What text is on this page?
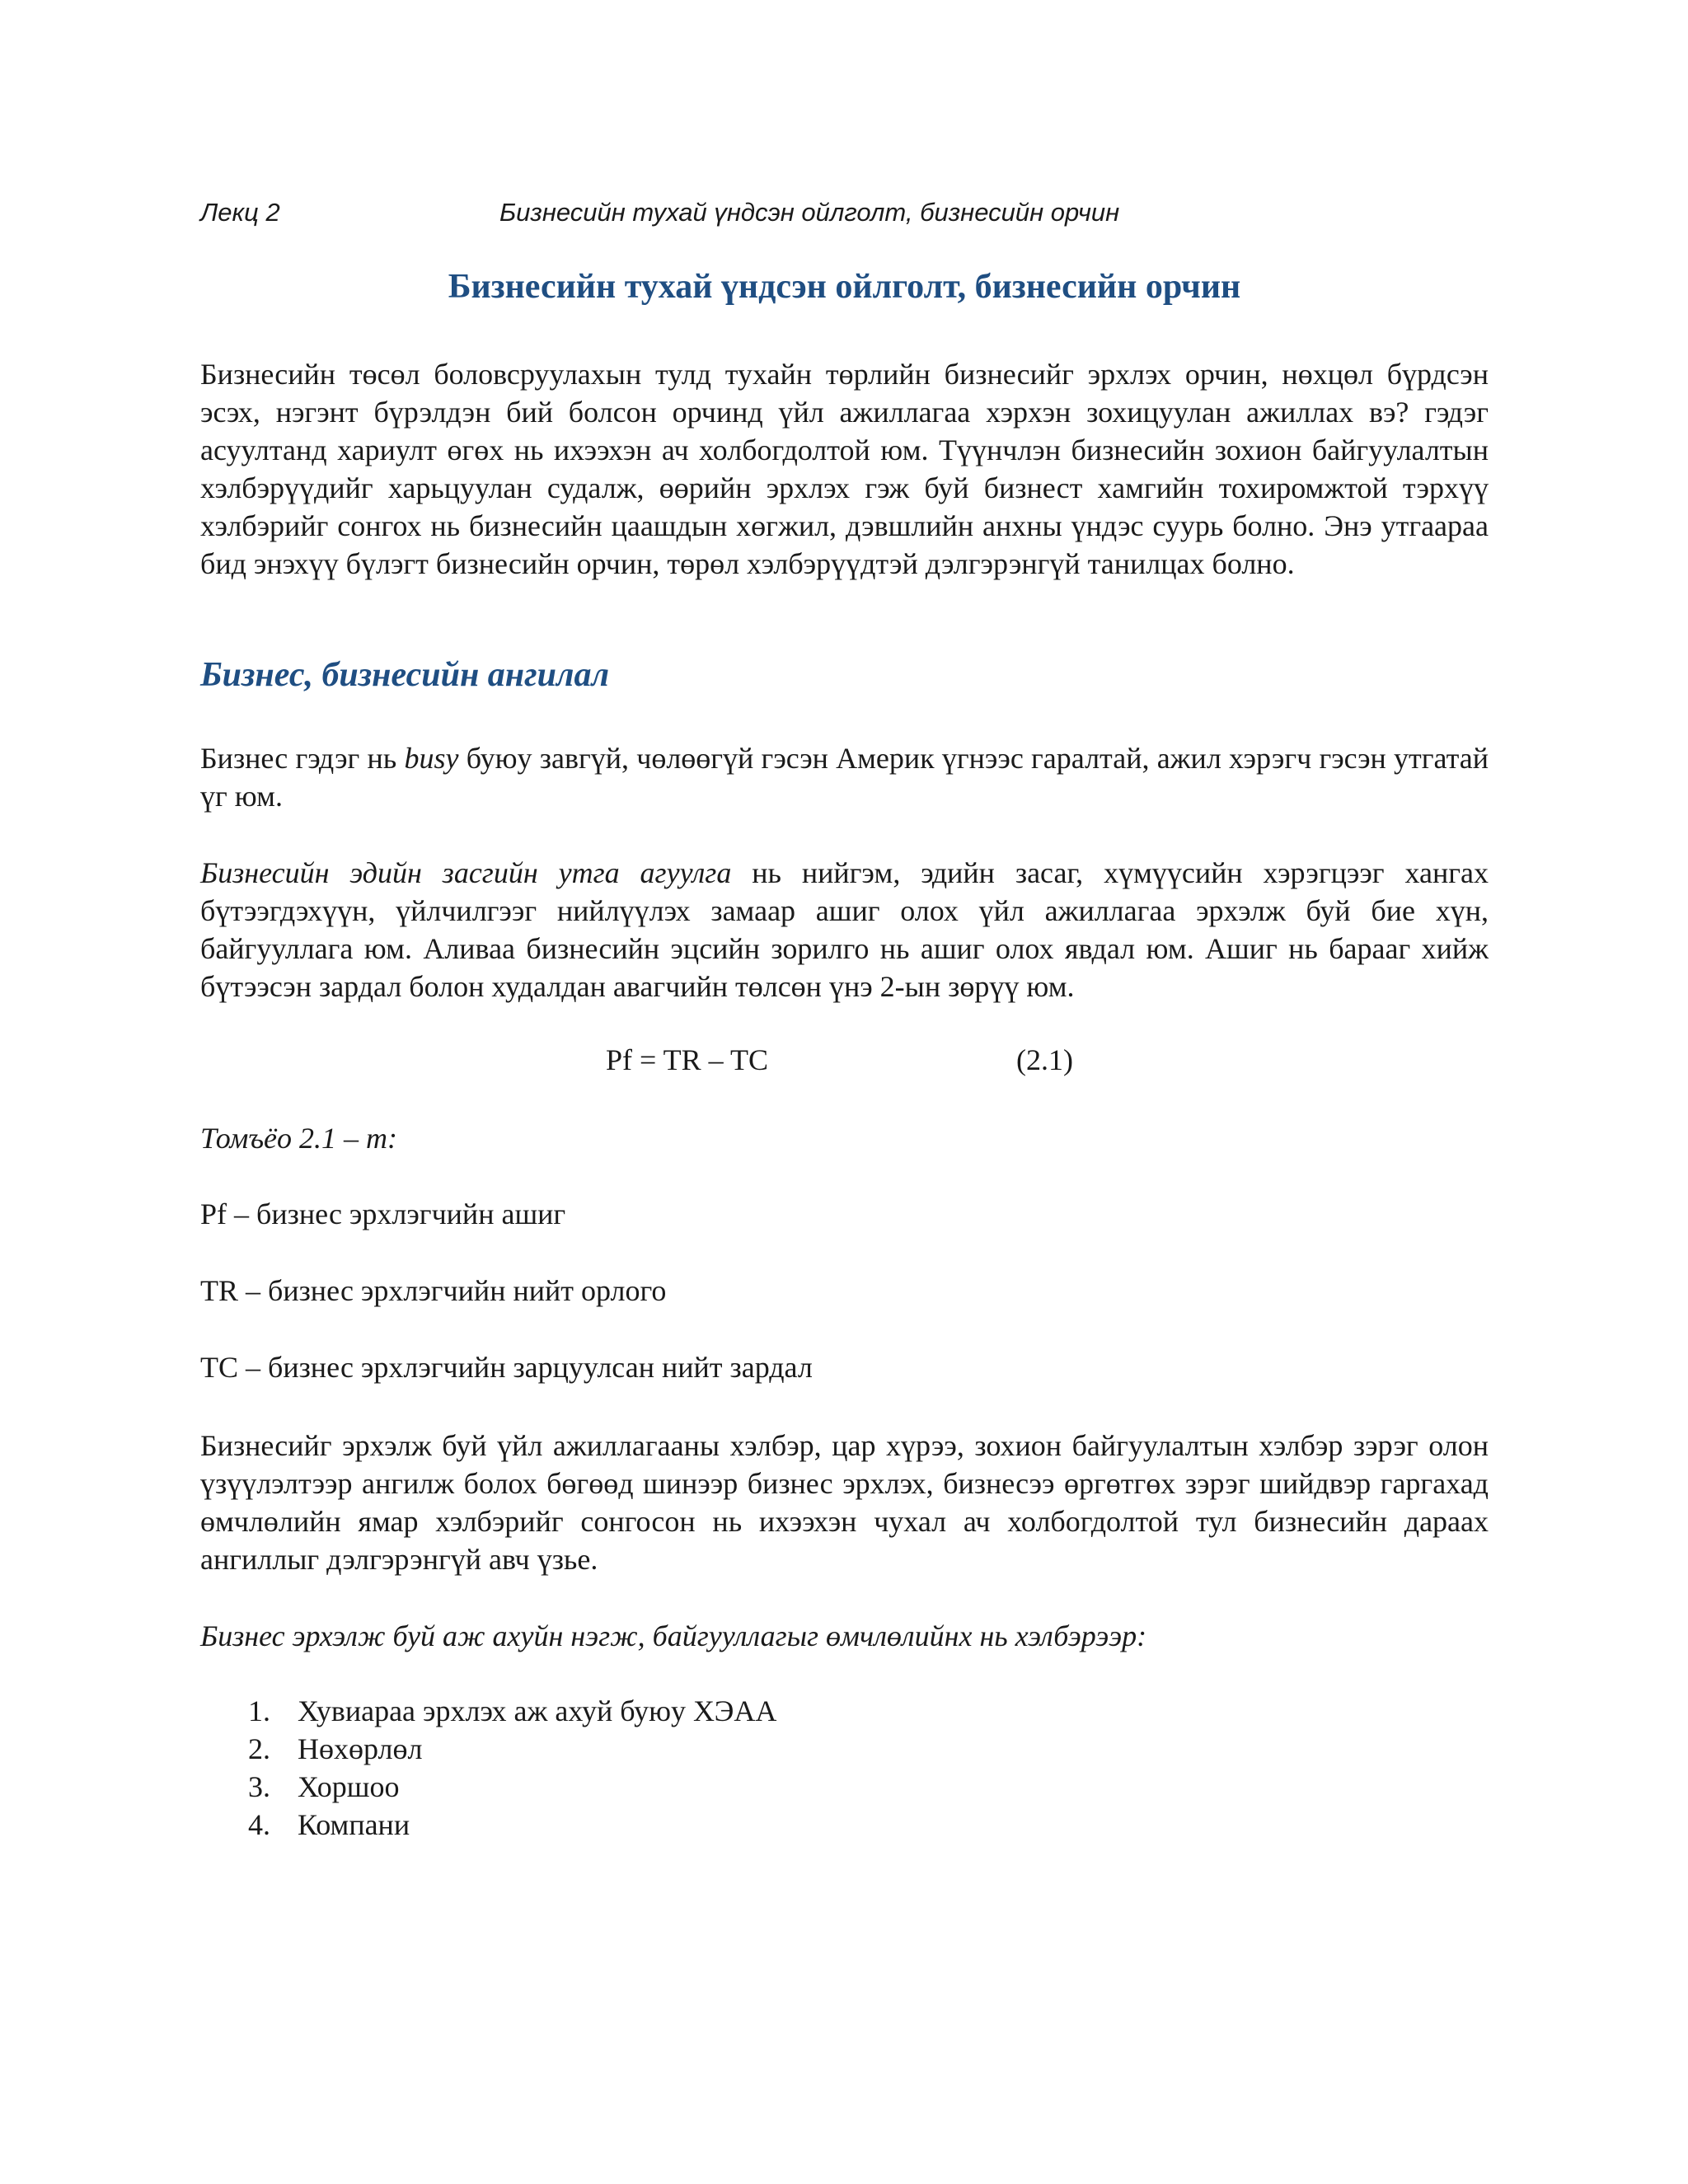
Лекц 2	Бизнесийн тухай үндсэн ойлголт, бизнесийн орчин
Бизнесийн тухай үндсэн ойлголт, бизнесийн орчин
Бизнесийн төсөл боловсруулахын тулд тухайн төрлийн бизнесийг эрхлэх орчин, нөхцөл бүрдсэн эсэх, нэгэнт бүрэлдэн бий болсон орчинд үйл ажиллагаа хэрхэн зохицуулан ажиллах вэ? гэдэг асуултанд хариулт өгөх нь ихээхэн ач холбогдолтой юм. Түүнчлэн бизнесийн зохион байгуулалтын хэлбэрүүдийг харьцуулан судалж, өөрийн эрхлэх гэж буй бизнест хамгийн тохиромжтой тэрхүү хэлбэрийг сонгох нь бизнесийн цаашдын хөгжил, дэвшлийн анхны үндэс суурь болно. Энэ утгаараа бид энэхүү бүлэгт бизнесийн орчин, төрөл хэлбэрүүдтэй дэлгэрэнгүй танилцах болно.
Бизнес, бизнесийн ангилал
Бизнес гэдэг нь busy буюу завгүй, чөлөөгүй гэсэн Америк үгнээс гаралтай, ажил хэрэгч гэсэн утгатай үг юм.
Бизнесийн эдийн засгийн утга агуулга нь нийгэм, эдийн засаг, хүмүүсийн хэрэгцээг хангах бүтээгдэхүүн, үйлчилгээг нийлүүлэх замаар ашиг олох үйл ажиллагаа эрхэлж буй бие хүн, байгууллага юм. Аливаа бизнесийн эцсийн зорилго нь ашиг олох явдал юм. Ашиг нь барааг хийж бүтээсэн зардал болон худалдан авагчийн төлсөн үнэ 2-ын зөрүү юм.
Pf = TR – TC	(2.1)
Томъёо 2.1 – т:
Pf – бизнес эрхлэгчийн ашиг
TR – бизнес эрхлэгчийн нийт орлого
TC – бизнес эрхлэгчийн зарцуулсан нийт зардал
Бизнесийг эрхэлж буй үйл ажиллагааны хэлбэр, цар хүрээ, зохион байгуулалтын хэлбэр зэрэг олон үзүүлэлтээр ангилж болох бөгөөд шинээр бизнес эрхлэх, бизнесээ өргөтгөх зэрэг шийдвэр гаргахад өмчлөлийн ямар хэлбэрийг сонгосон нь ихээхэн чухал ач холбогдолтой тул бизнесийн дараах ангиллыг дэлгэрэнгүй авч үзье.
Бизнес эрхэлж буй аж ахуйн нэгж, байгууллагыг өмчлөлийнх нь хэлбэрээр:
1. Хувиараа эрхлэх аж ахуй буюу ХЭАА
2. Нөхөрлөл
3. Хоршоо
4. Компани
